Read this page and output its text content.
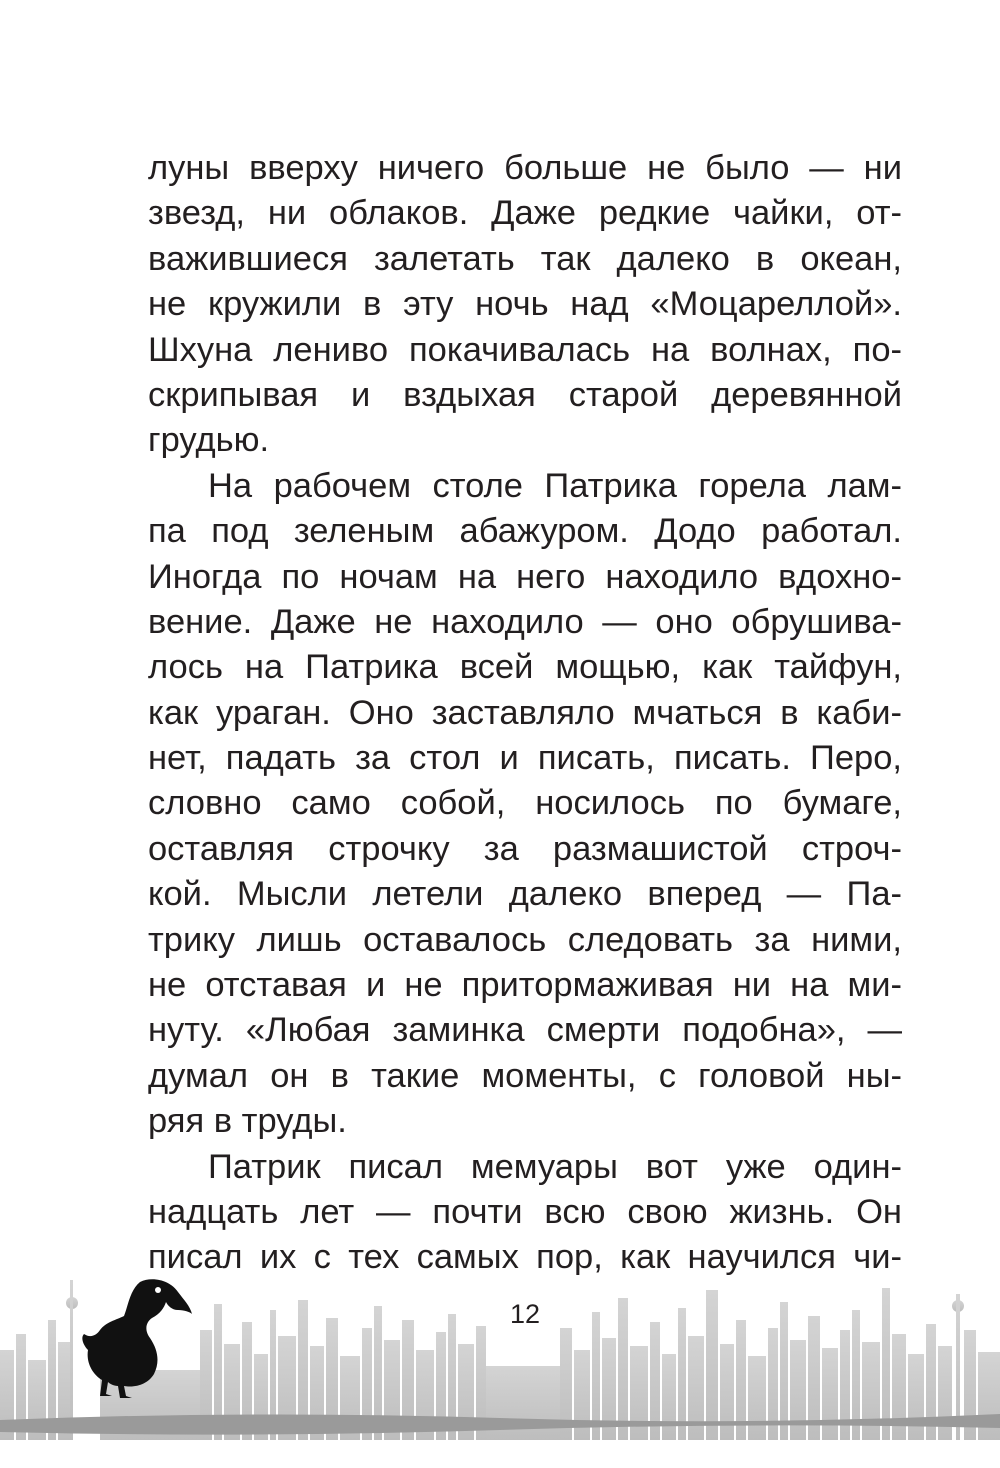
луны вверху ничего больше не было — ни
звезд, ни облаков. Даже редкие чайки, от-
важившиеся залетать так далеко в океан,
не кружили в эту ночь над «Моцареллой».
Шхуна лениво покачивалась на волнах, по-
скрипывая и вздыхая старой деревянной
грудью.
На рабочем столе Патрика горела лам-
па под зеленым абажуром. Додо работал.
Иногда по ночам на него находило вдохно-
вение. Даже не находило — оно обрушива-
лось на Патрика всей мощью, как тайфун,
как ураган. Оно заставляло мчаться в каби-
нет, падать за стол и писать, писать. Перо,
словно само собой, носилось по бумаге,
оставляя строчку за размашистой строч-
кой. Мысли летели далеко вперед — Па-
трику лишь оставалось следовать за ними,
не отставая и не притормаживая ни на ми-
нуту. «Любая заминка смерти подобна», —
думал он в такие моменты, с головой ны-
ряя в труды.
Патрик писал мемуары вот уже один-
надцать лет — почти всю свою жизнь. Он
писал их с тех самых пор, как научился чи-
12
